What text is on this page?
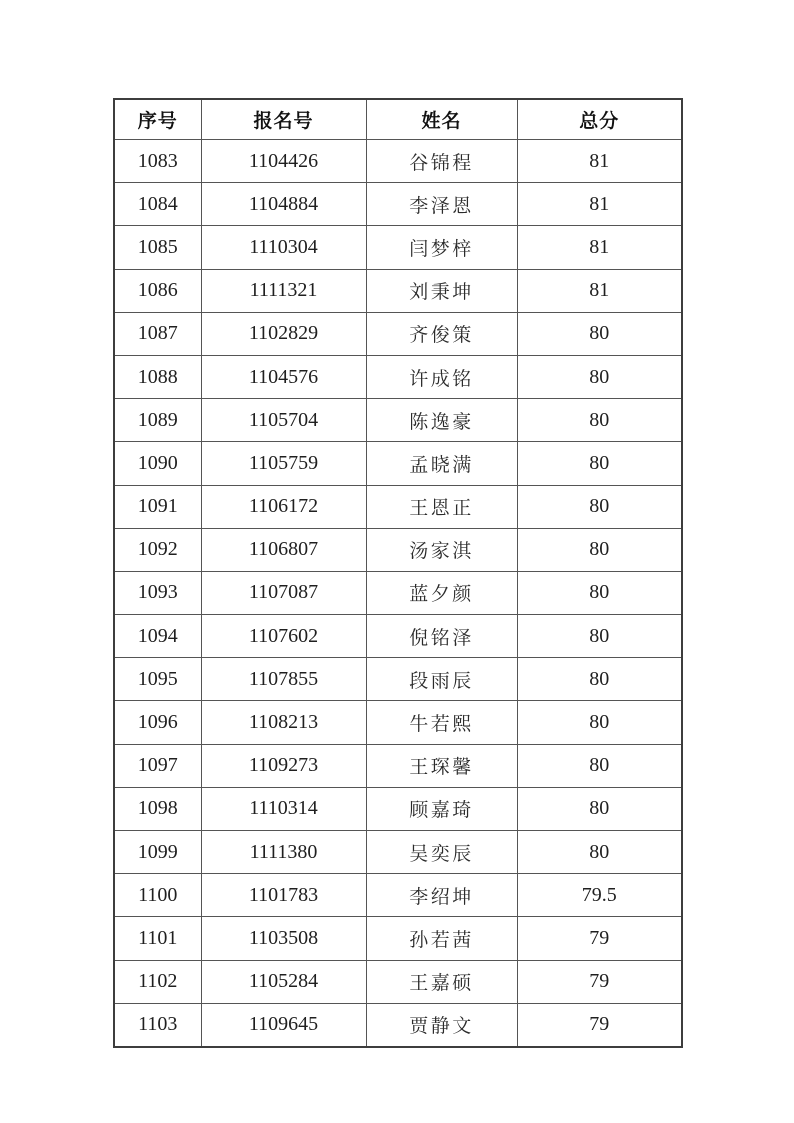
序号	报名号	姓名	总分
1083	1104426	谷锦程	81
1084	1104884	李泽恩	81
1085	1110304	闫梦梓	81
1086	1111321	刘秉坤	81
1087	1102829	齐俊策	80
1088	1104576	许成铭	80
1089	1105704	陈逸豪	80
1090	1105759	孟晓满	80
1091	1106172	王恩正	80
1092	1106807	汤家淇	80
1093	1107087	蓝夕颜	80
1094	1107602	倪铭泽	80
1095	1107855	段雨辰	80
1096	1108213	牛若熙	80
1097	1109273	王琛馨	80
1098	1110314	顾嘉琦	80
1099	1111380	吴奕辰	80
1100	1101783	李绍坤	79.5
1101	1103508	孙若茜	79
1102	1105284	王嘉硕	79
1103	1109645	贾静文	79
